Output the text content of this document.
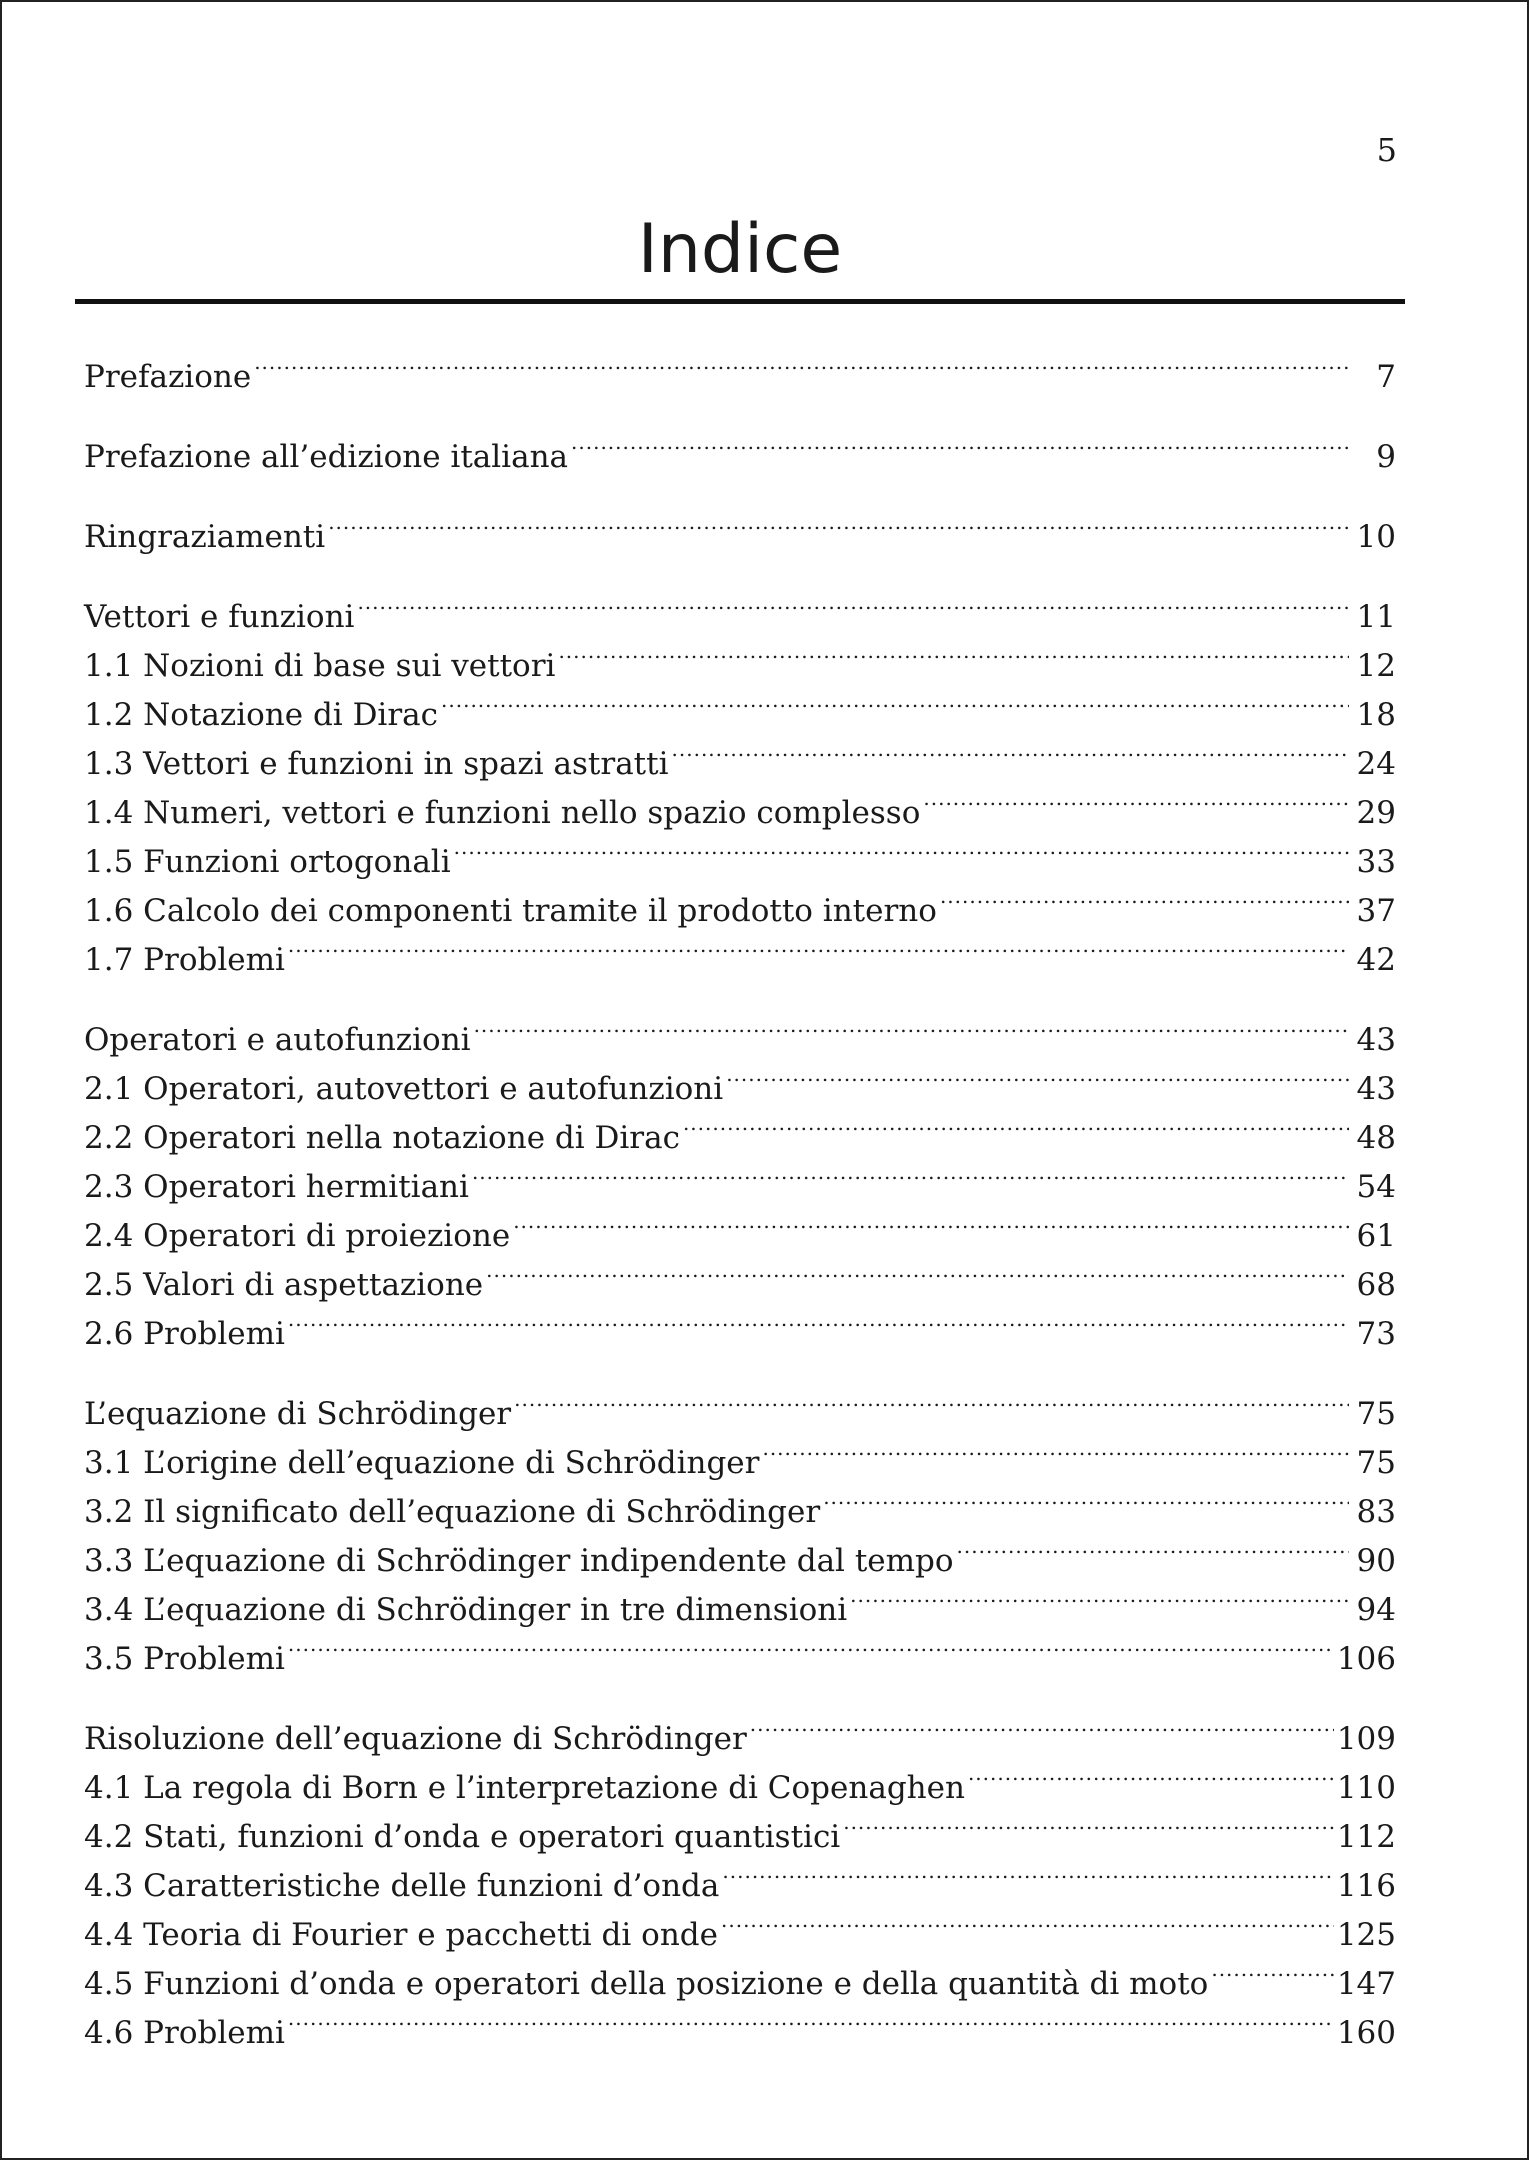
5
Indice
Prefazione .....	7
Prefazione all’edizione italiana .....	9
Ringraziamenti .....	10
Vettori e funzioni .....	11
1.1 Nozioni di base sui vettori .....	12
1.2 Notazione di Dirac .....	18
1.3 Vettori e funzioni in spazi astratti .....	24
1.4 Numeri, vettori e funzioni nello spazio complesso .....	29
1.5 Funzioni ortogonali .....	33
1.6 Calcolo dei componenti tramite il prodotto interno .....	37
1.7 Problemi .....	42
Operatori e autofunzioni .....	43
2.1 Operatori, autovettori e autofunzioni .....	43
2.2 Operatori nella notazione di Dirac .....	48
2.3 Operatori hermitiani .....	54
2.4 Operatori di proiezione .....	61
2.5 Valori di aspettazione .....	68
2.6 Problemi .....	73
L’equazione di Schrödinger .....	75
3.1 L’origine dell’equazione di Schrödinger .....	75
3.2 Il significato dell’equazione di Schrödinger .....	83
3.3 L’equazione di Schrödinger indipendente dal tempo .....	90
3.4 L’equazione di Schrödinger in tre dimensioni .....	94
3.5 Problemi .....	106
Risoluzione dell’equazione di Schrödinger .....	109
4.1 La regola di Born e l’interpretazione di Copenaghen .....	110
4.2 Stati, funzioni d’onda e operatori quantistici .....	112
4.3 Caratteristiche delle funzioni d’onda .....	116
4.4 Teoria di Fourier e pacchetti di onde .....	125
4.5 Funzioni d’onda e operatori della posizione e della quantità di moto .....	147
4.6 Problemi .....	160
